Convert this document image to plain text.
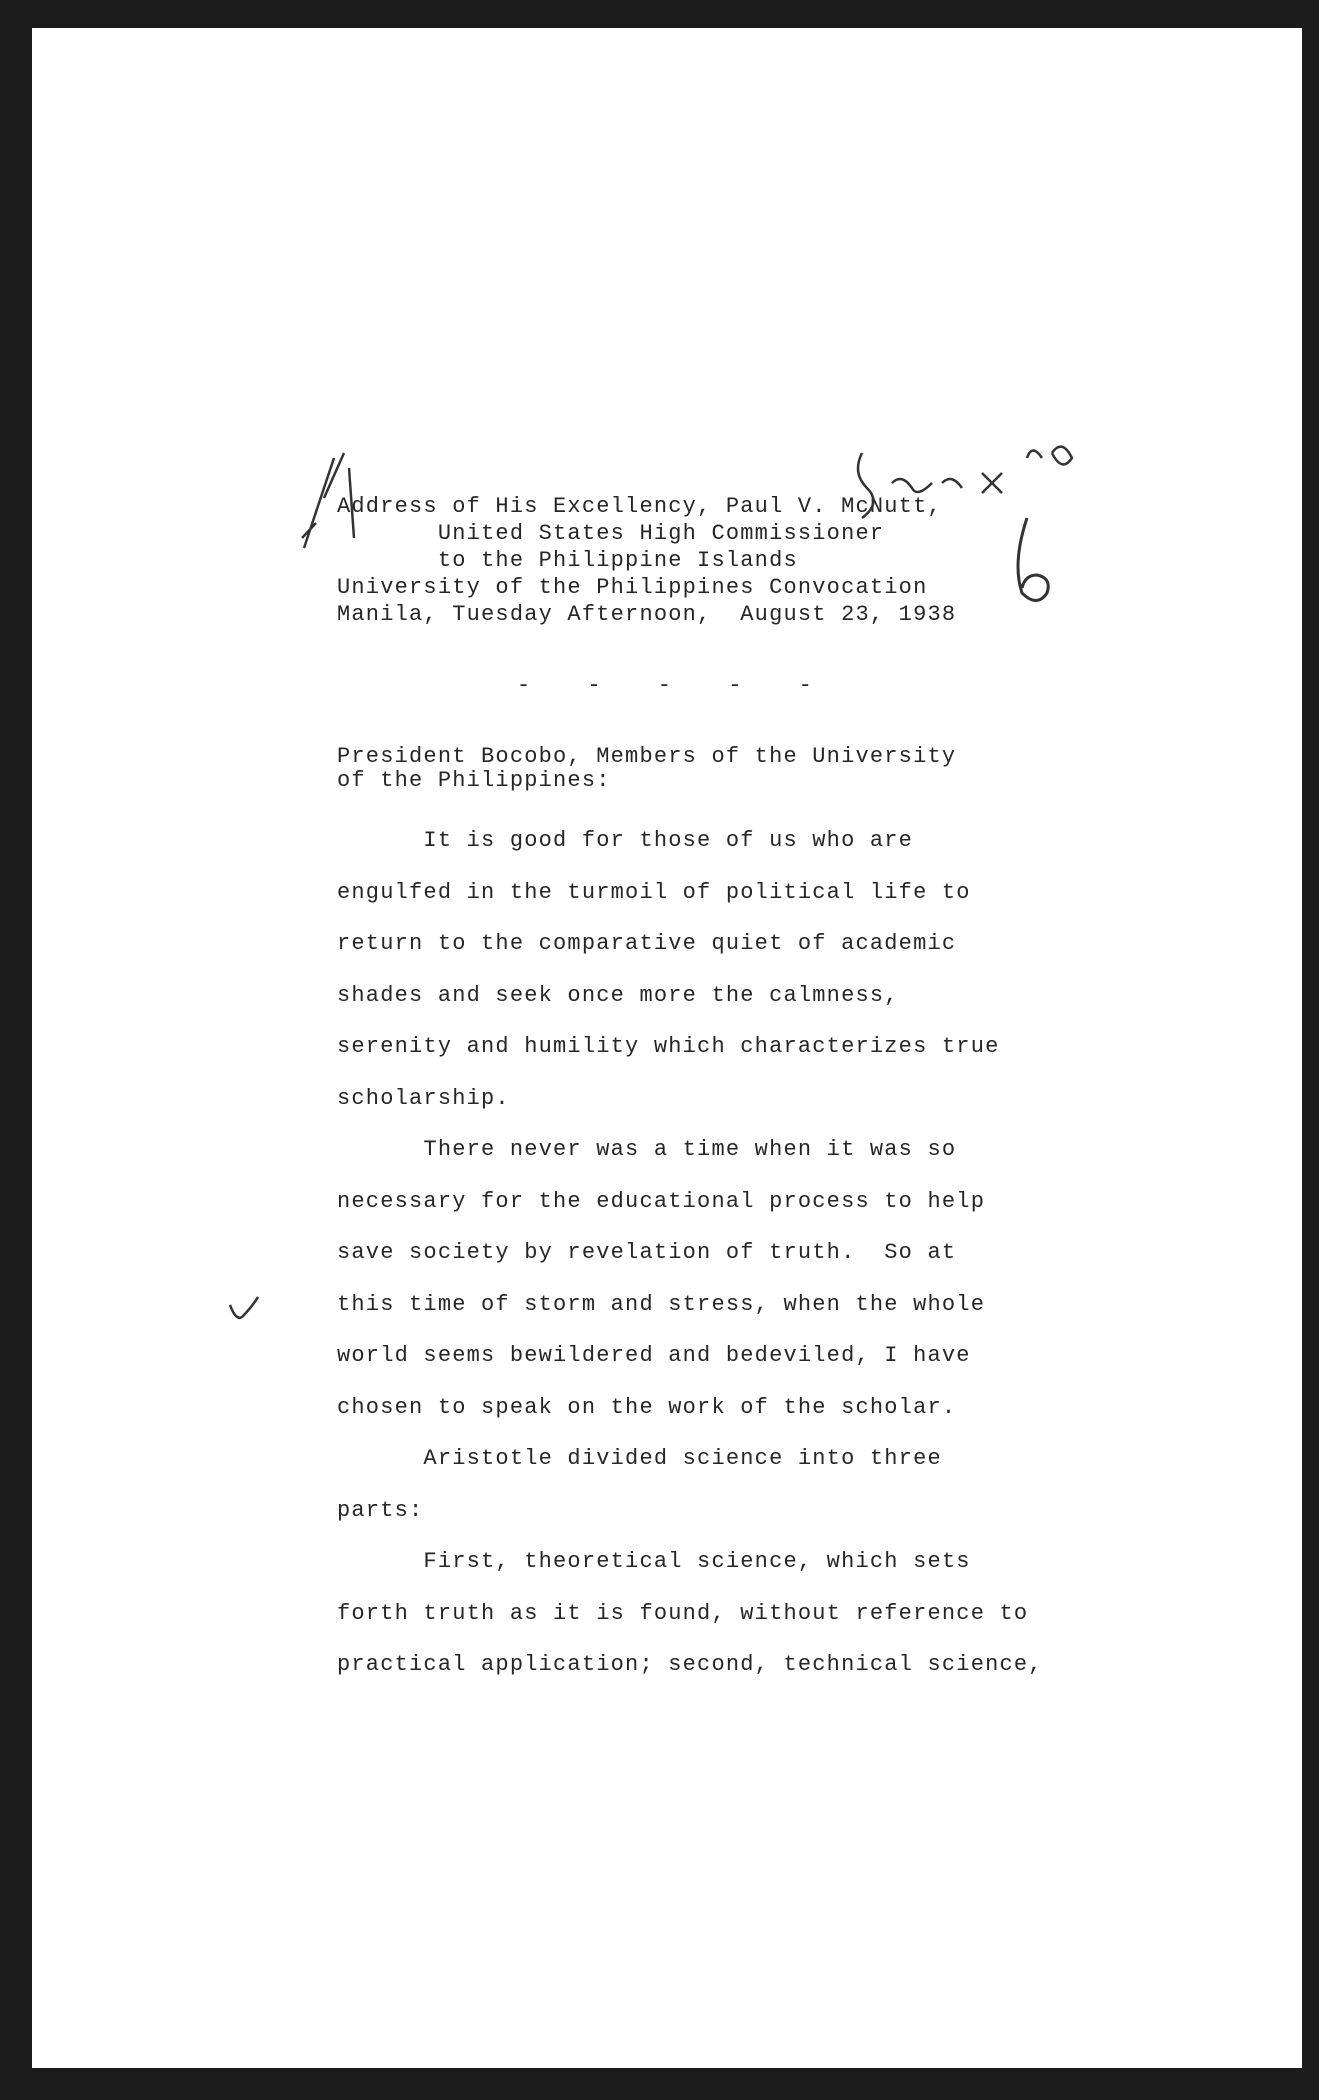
Address of His Excellency, Paul V. McNutt,
United States High Commissioner
to the Philippine Islands
University of the Philippines Convocation
Manila, Tuesday Afternoon,  August 23, 1938
- - - - -
President Bocobo, Members of the University
of the Philippines:
It is good for those of us who are
engulfed in the turmoil of political life to
return to the comparative quiet of academic
shades and seek once more the calmness,
serenity and humility which characterizes true
scholarship.
There never was a time when it was so
necessary for the educational process to help
save society by revelation of truth.  So at
this time of storm and stress, when the whole
world seems bewildered and bedeviled, I have
chosen to speak on the work of the scholar.
Aristotle divided science into three
parts:
First, theoretical science, which sets
forth truth as it is found, without reference to
practical application; second, technical science,
